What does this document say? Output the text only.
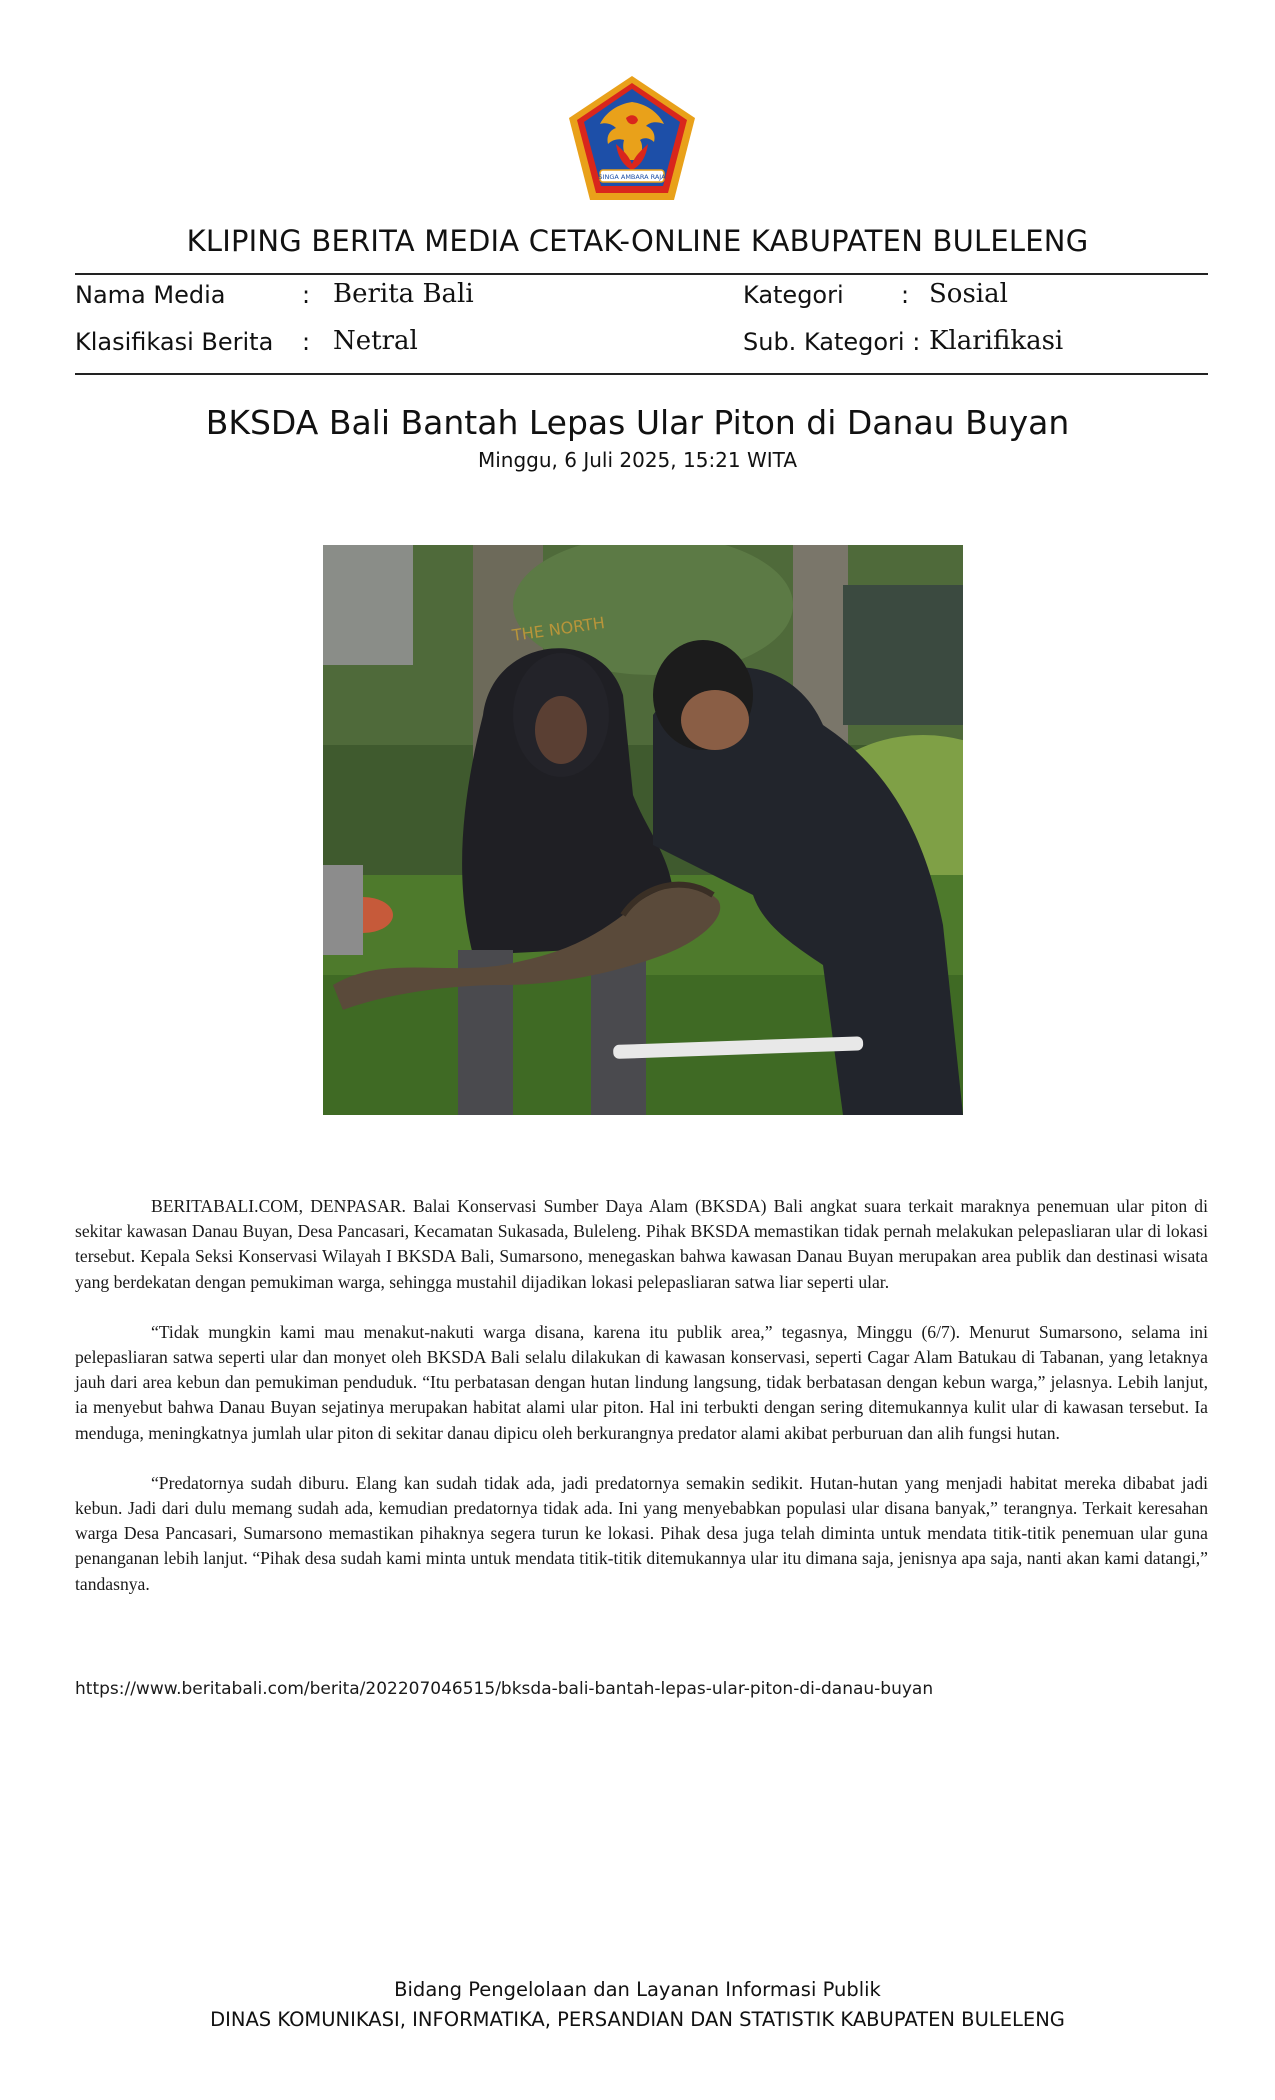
SINGA AMBARA RAJA
KLIPING BERITA MEDIA CETAK-ONLINE KABUPATEN BULELENG
Nama Media	: Berita Bali	Kategori : Sosial
Klasifikasi Berita : Netral	Sub. Kategori : Klarifikasi
BKSDA Bali Bantah Lepas Ular Piton di Danau Buyan
Minggu, 6 Juli 2025, 15:21 WITA
THE NORTH

BERITABALI.COM, DENPASAR. Balai Konservasi Sumber Daya Alam (BKSDA) Bali angkat suara terkait maraknya penemuan ular piton di sekitar kawasan Danau Buyan, Desa Pancasari, Kecamatan Sukasada, Buleleng. Pihak BKSDA memastikan tidak pernah melakukan pelepasliaran ular di lokasi tersebut. Kepala Seksi Konservasi Wilayah I BKSDA Bali, Sumarsono, menegaskan bahwa kawasan Danau Buyan merupakan area publik dan destinasi wisata yang berdekatan dengan pemukiman warga, sehingga mustahil dijadikan lokasi pelepasliaran satwa liar seperti ular.

“Tidak mungkin kami mau menakut-nakuti warga disana, karena itu publik area,” tegasnya, Minggu (6/7). Menurut Sumarsono, selama ini pelepasliaran satwa seperti ular dan monyet oleh BKSDA Bali selalu dilakukan di kawasan konservasi, seperti Cagar Alam Batukau di Tabanan, yang letaknya jauh dari area kebun dan pemukiman penduduk. “Itu perbatasan dengan hutan lindung langsung, tidak berbatasan dengan kebun warga,” jelasnya. Lebih lanjut, ia menyebut bahwa Danau Buyan sejatinya merupakan habitat alami ular piton. Hal ini terbukti dengan sering ditemukannya kulit ular di kawasan tersebut. Ia menduga, meningkatnya jumlah ular piton di sekitar danau dipicu oleh berkurangnya predator alami akibat perburuan dan alih fungsi hutan.

“Predatornya sudah diburu. Elang kan sudah tidak ada, jadi predatornya semakin sedikit. Hutan-hutan yang menjadi habitat mereka dibabat jadi kebun. Jadi dari dulu memang sudah ada, kemudian predatornya tidak ada. Ini yang menyebabkan populasi ular disana banyak,” terangnya. Terkait keresahan warga Desa Pancasari, Sumarsono memastikan pihaknya segera turun ke lokasi. Pihak desa juga telah diminta untuk mendata titik-titik penemuan ular guna penanganan lebih lanjut. “Pihak desa sudah kami minta untuk mendata titik-titik ditemukannya ular itu dimana saja, jenisnya apa saja, nanti akan kami datangi,” tandasnya.

https://www.beritabali.com/berita/202207046515/bksda-bali-bantah-lepas-ular-piton-di-danau-buyan
Bidang Pengelolaan dan Layanan Informasi Publik
DINAS KOMUNIKASI, INFORMATIKA, PERSANDIAN DAN STATISTIK KABUPATEN BULELENG
